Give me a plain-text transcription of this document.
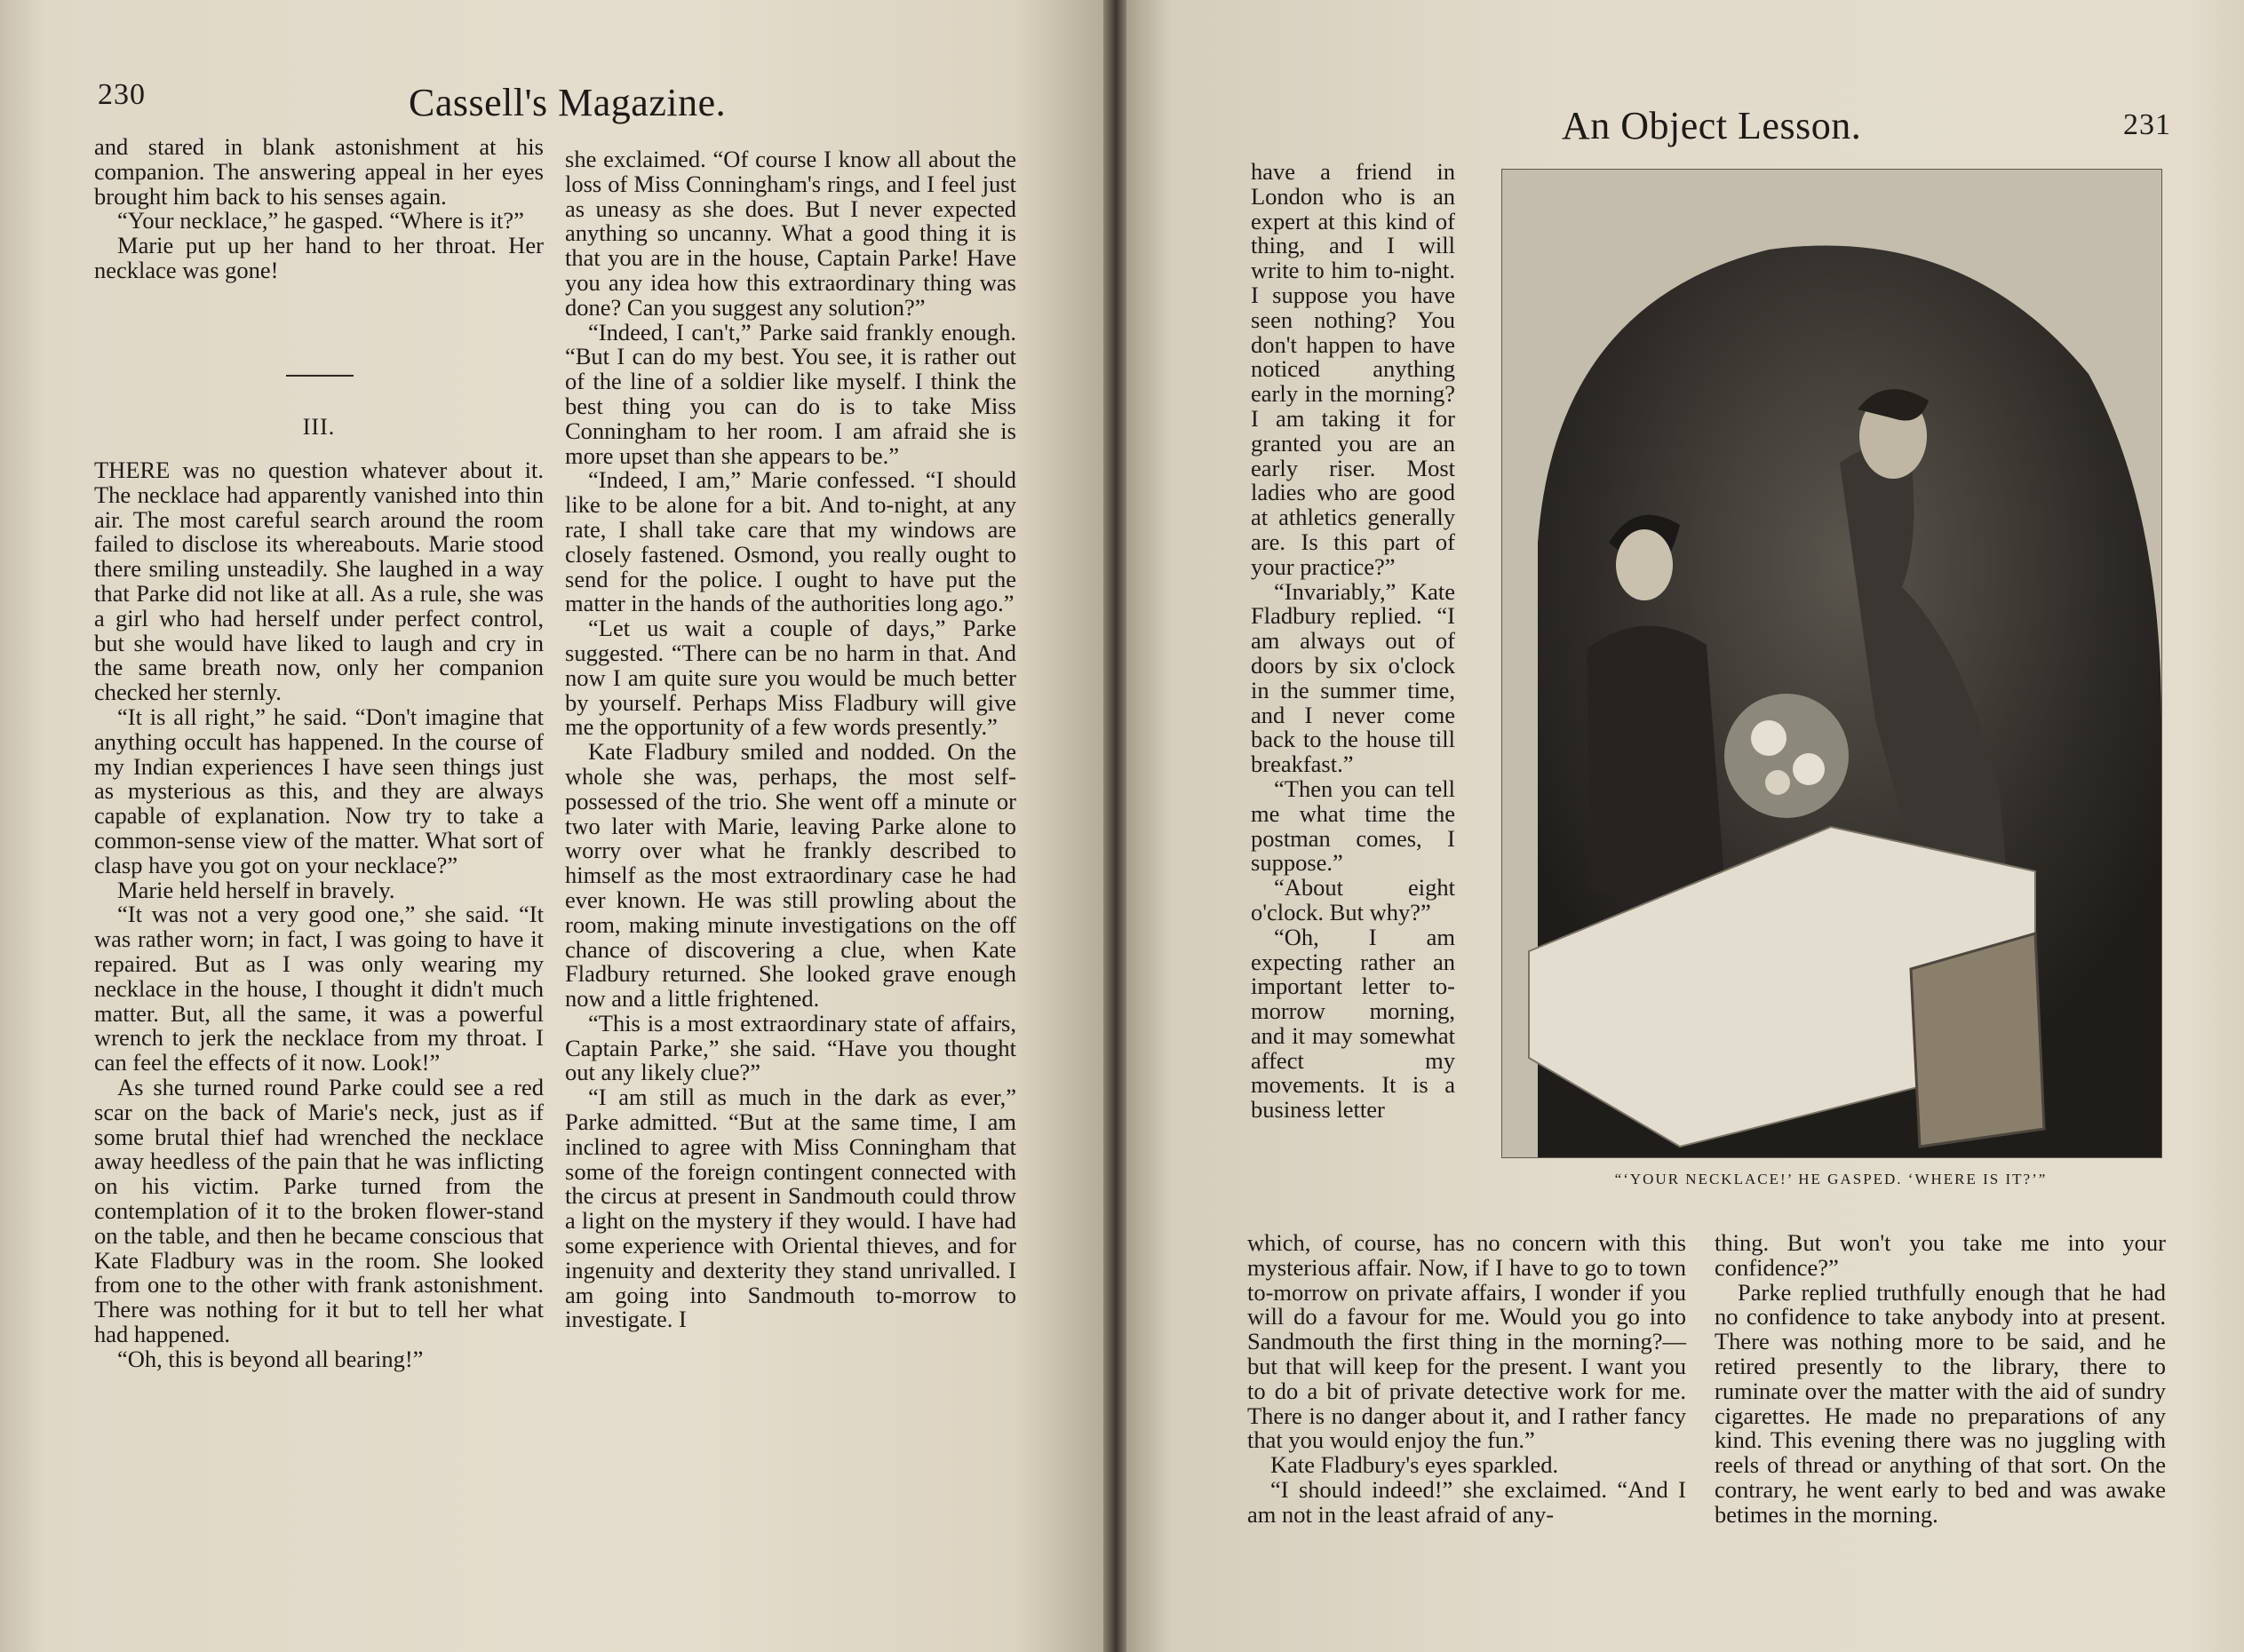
230	Cassell's Magazine.

and stared in blank astonishment at his companion. The answering appeal in her eyes brought him back to his senses again.

“Your necklace,” he gasped. “Where is it?”

Marie put up her hand to her throat. Her necklace was gone!

III.

THERE was no question whatever about it. The necklace had apparently vanished into thin air. The most careful search around the room failed to disclose its whereabouts. Marie stood there smiling unsteadily. She laughed in a way that Parke did not like at all. As a rule, she was a girl who had herself under perfect control, but she would have liked to laugh and cry in the same breath now, only her companion checked her sternly.

“It is all right,” he said. “Don't imagine that anything occult has happened. In the course of my Indian experiences I have seen things just as mysterious as this, and they are always capable of explanation. Now try to take a common-sense view of the matter. What sort of clasp have you got on your necklace?”

Marie held herself in bravely.

“It was not a very good one,” she said. “It was rather worn; in fact, I was going to have it repaired. But as I was only wearing my necklace in the house, I thought it didn't much matter. But, all the same, it was a powerful wrench to jerk the necklace from my throat. I can feel the effects of it now. Look!”

As she turned round Parke could see a red scar on the back of Marie's neck, just as if some brutal thief had wrenched the necklace away heedless of the pain that he was inflicting on his victim. Parke turned from the contemplation of it to the broken flower-stand on the table, and then he became conscious that Kate Fladbury was in the room. She looked from one to the other with frank astonishment. There was nothing for it but to tell her what had happened.

“Oh, this is beyond all bearing!”

she exclaimed. “Of course I know all about the loss of Miss Conningham's rings, and I feel just as uneasy as she does. But I never expected anything so uncanny. What a good thing it is that you are in the house, Captain Parke! Have you any idea how this extraordinary thing was done? Can you suggest any solution?”

“Indeed, I can't,” Parke said frankly enough. “But I can do my best. You see, it is rather out of the line of a soldier like myself. I think the best thing you can do is to take Miss Conningham to her room. I am afraid she is more upset than she appears to be.”

“Indeed, I am,” Marie confessed. “I should like to be alone for a bit. And to-night, at any rate, I shall take care that my windows are closely fastened. Osmond, you really ought to send for the police. I ought to have put the matter in the hands of the authorities long ago.”

“Let us wait a couple of days,” Parke suggested. “There can be no harm in that. And now I am quite sure you would be much better by yourself. Perhaps Miss Fladbury will give me the opportunity of a few words presently.”

Kate Fladbury smiled and nodded. On the whole she was, perhaps, the most self-possessed of the trio. She went off a minute or two later with Marie, leaving Parke alone to worry over what he frankly described to himself as the most extraordinary case he had ever known. He was still prowling about the room, making minute investigations on the off chance of discovering a clue, when Kate Fladbury returned. She looked grave enough now and a little frightened.

“This is a most extraordinary state of affairs, Captain Parke,” she said. “Have you thought out any likely clue?”

“I am still as much in the dark as ever,” Parke admitted. “But at the same time, I am inclined to agree with Miss Conningham that some of the foreign contingent connected with the circus at present in Sandmouth could throw a light on the mystery if they would. I have had some experience with Oriental thieves, and for ingenuity and dexterity they stand unrivalled. I am going into Sandmouth to-morrow to investigate. I

An Object Lesson.	231

have a friend in London who is an expert at this kind of thing, and I will write to him to-night. I suppose you have seen nothing? You don't happen to have noticed anything early in the morning? I am taking it for granted you are an early riser. Most ladies who are good at athletics generally are. Is this part of your practice?”

“Invariably,” Kate Fladbury replied. “I am always out of doors by six o'clock in the summer time, and I never come back to the house till breakfast.”

“Then you can tell me what time the postman comes, I suppose.”

“About eight o'clock. But why?”

“Oh, I am expecting rather an important letter to-morrow morning, and it may somewhat affect my movements. It is a business letter

“‘YOUR NECKLACE!’ HE GASPED. ‘WHERE IS IT?’”

which, of course, has no concern with this mysterious affair. Now, if I have to go to town to-morrow on private affairs, I wonder if you will do a favour for me. Would you go into Sandmouth the first thing in the morning?—but that will keep for the present. I want you to do a bit of private detective work for me. There is no danger about it, and I rather fancy that you would enjoy the fun.”

Kate Fladbury's eyes sparkled.

“I should indeed!” she exclaimed. “And I am not in the least afraid of any-

thing. But won't you take me into your confidence?”

Parke replied truthfully enough that he had no confidence to take anybody into at present. There was nothing more to be said, and he retired presently to the library, there to ruminate over the matter with the aid of sundry cigarettes. He made no preparations of any kind. This evening there was no juggling with reels of thread or anything of that sort. On the contrary, he went early to bed and was awake betimes in the morning.
